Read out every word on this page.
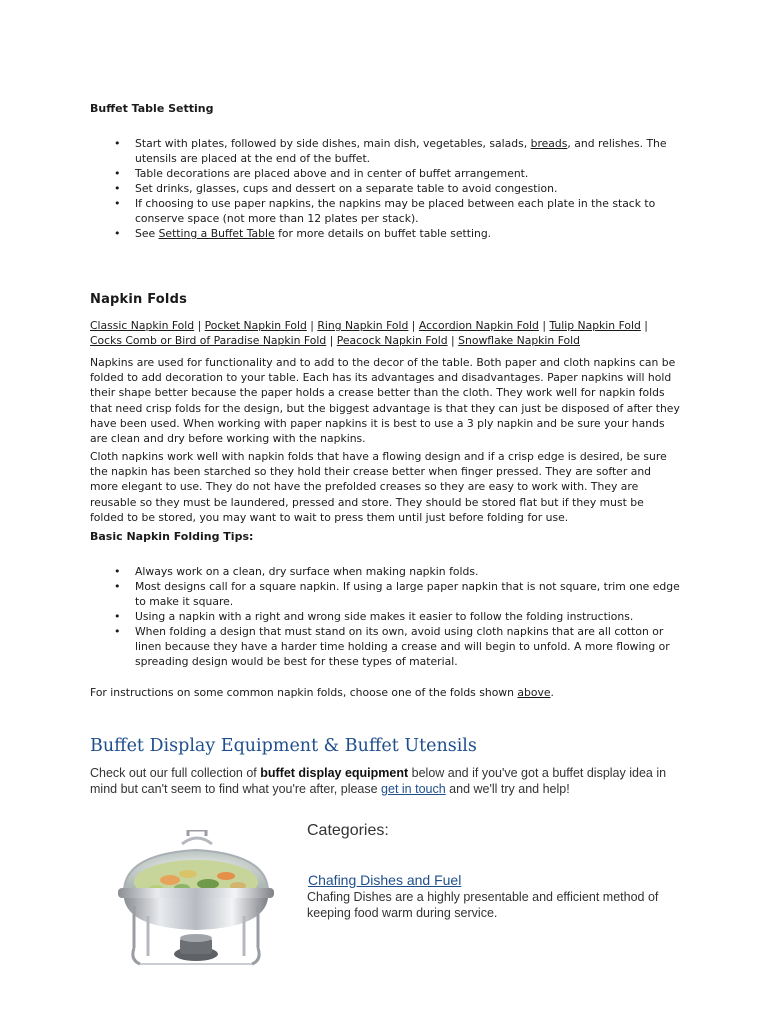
Buffet Table Setting
• Start with plates, followed by side dishes, main dish, vegetables, salads, breads, and relishes. The utensils are placed at the end of the buffet.
• Table decorations are placed above and in center of buffet arrangement.
• Set drinks, glasses, cups and dessert on a separate table to avoid congestion.
• If choosing to use paper napkins, the napkins may be placed between each plate in the stack to conserve space (not more than 12 plates per stack).
• See Setting a Buffet Table for more details on buffet table setting.
Napkin Folds
Classic Napkin Fold | Pocket Napkin Fold | Ring Napkin Fold | Accordion Napkin Fold | Tulip Napkin Fold | Cocks Comb or Bird of Paradise Napkin Fold | Peacock Napkin Fold | Snowflake Napkin Fold

Napkins are used for functionality and to add to the decor of the table. Both paper and cloth napkins can be folded to add decoration to your table. Each has its advantages and disadvantages. Paper napkins will hold their shape better because the paper holds a crease better than the cloth. They work well for napkin folds that need crisp folds for the design, but the biggest advantage is that they can just be disposed of after they have been used. When working with paper napkins it is best to use a 3 ply napkin and be sure your hands are clean and dry before working with the napkins.

Cloth napkins work well with napkin folds that have a flowing design and if a crisp edge is desired, be sure the napkin has been starched so they hold their crease better when finger pressed. They are softer and more elegant to use. They do not have the prefolded creases so they are easy to work with. They are reusable so they must be laundered, pressed and store. They should be stored flat but if they must be folded to be stored, you may want to wait to press them until just before folding for use.

Basic Napkin Folding Tips:
• Always work on a clean, dry surface when making napkin folds.
• Most designs call for a square napkin. If using a large paper napkin that is not square, trim one edge to make it square.
• Using a napkin with a right and wrong side makes it easier to follow the folding instructions.
• When folding a design that must stand on its own, avoid using cloth napkins that are all cotton or linen because they have a harder time holding a crease and will begin to unfold. A more flowing or spreading design would be best for these types of material.

For instructions on some common napkin folds, choose one of the folds shown above.

Buffet Display Equipment & Buffet Utensils
Check out our full collection of buffet display equipment below and if you've got a buffet display idea in mind but can't seem to find what you're after, please get in touch and we'll try and help!
Categories:
Chafing Dishes and Fuel
Chafing Dishes are a highly presentable and efficient method of keeping food warm during service.
